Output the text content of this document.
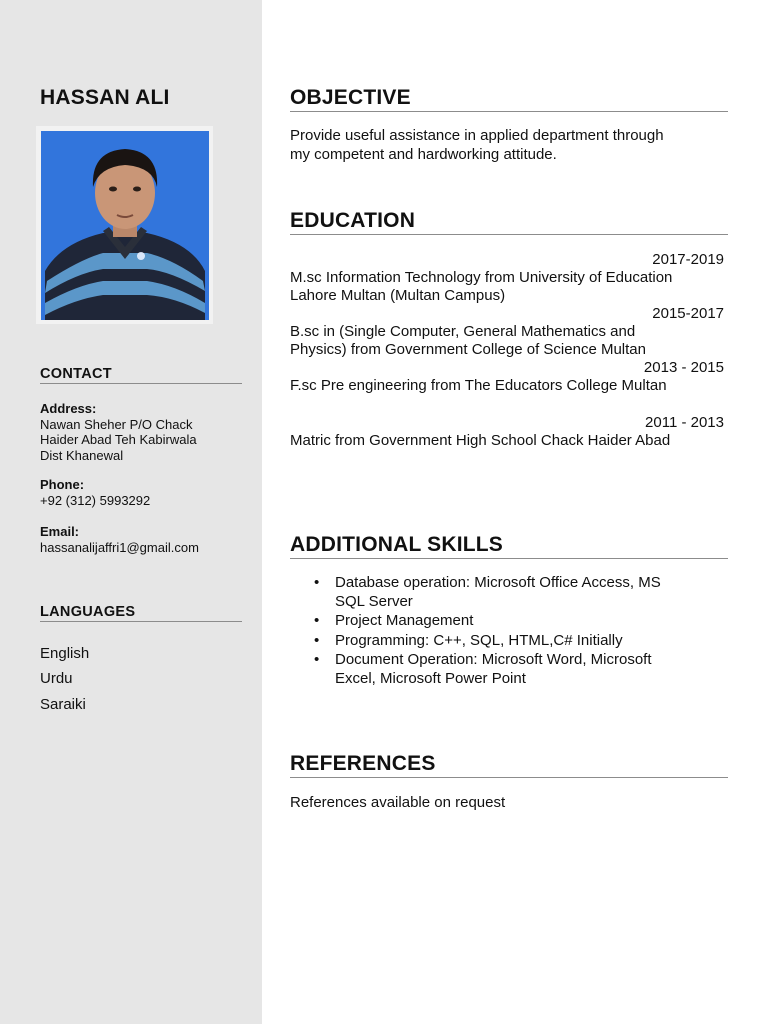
HASSAN ALI
CONTACT
Address:
Nawan Sheher P/O Chack
Haider Abad Teh Kabirwala
Dist Khanewal
Phone:
+92 (312) 5993292
Email:
hassanalijaffri1@gmail.com
LANGUAGES
English
Urdu
Saraiki
OBJECTIVE
Provide useful assistance in applied department through
my competent and hardworking attitude.
EDUCATION
2017-2019
M.sc Information Technology from University of Education
Lahore Multan (Multan Campus)
2015-2017
B.sc in (Single Computer, General Mathematics and
Physics) from Government College of Science Multan
2013 - 2015
F.sc Pre engineering from The Educators College Multan
2011 - 2013
Matric from Government High School Chack Haider Abad
ADDITIONAL SKILLS
• Database operation: Microsoft Office Access, MS
SQL Server
• Project Management
• Programming: C++, SQL, HTML,C# Initially
• Document Operation: Microsoft Word, Microsoft
Excel, Microsoft Power Point
REFERENCES
References available on request
